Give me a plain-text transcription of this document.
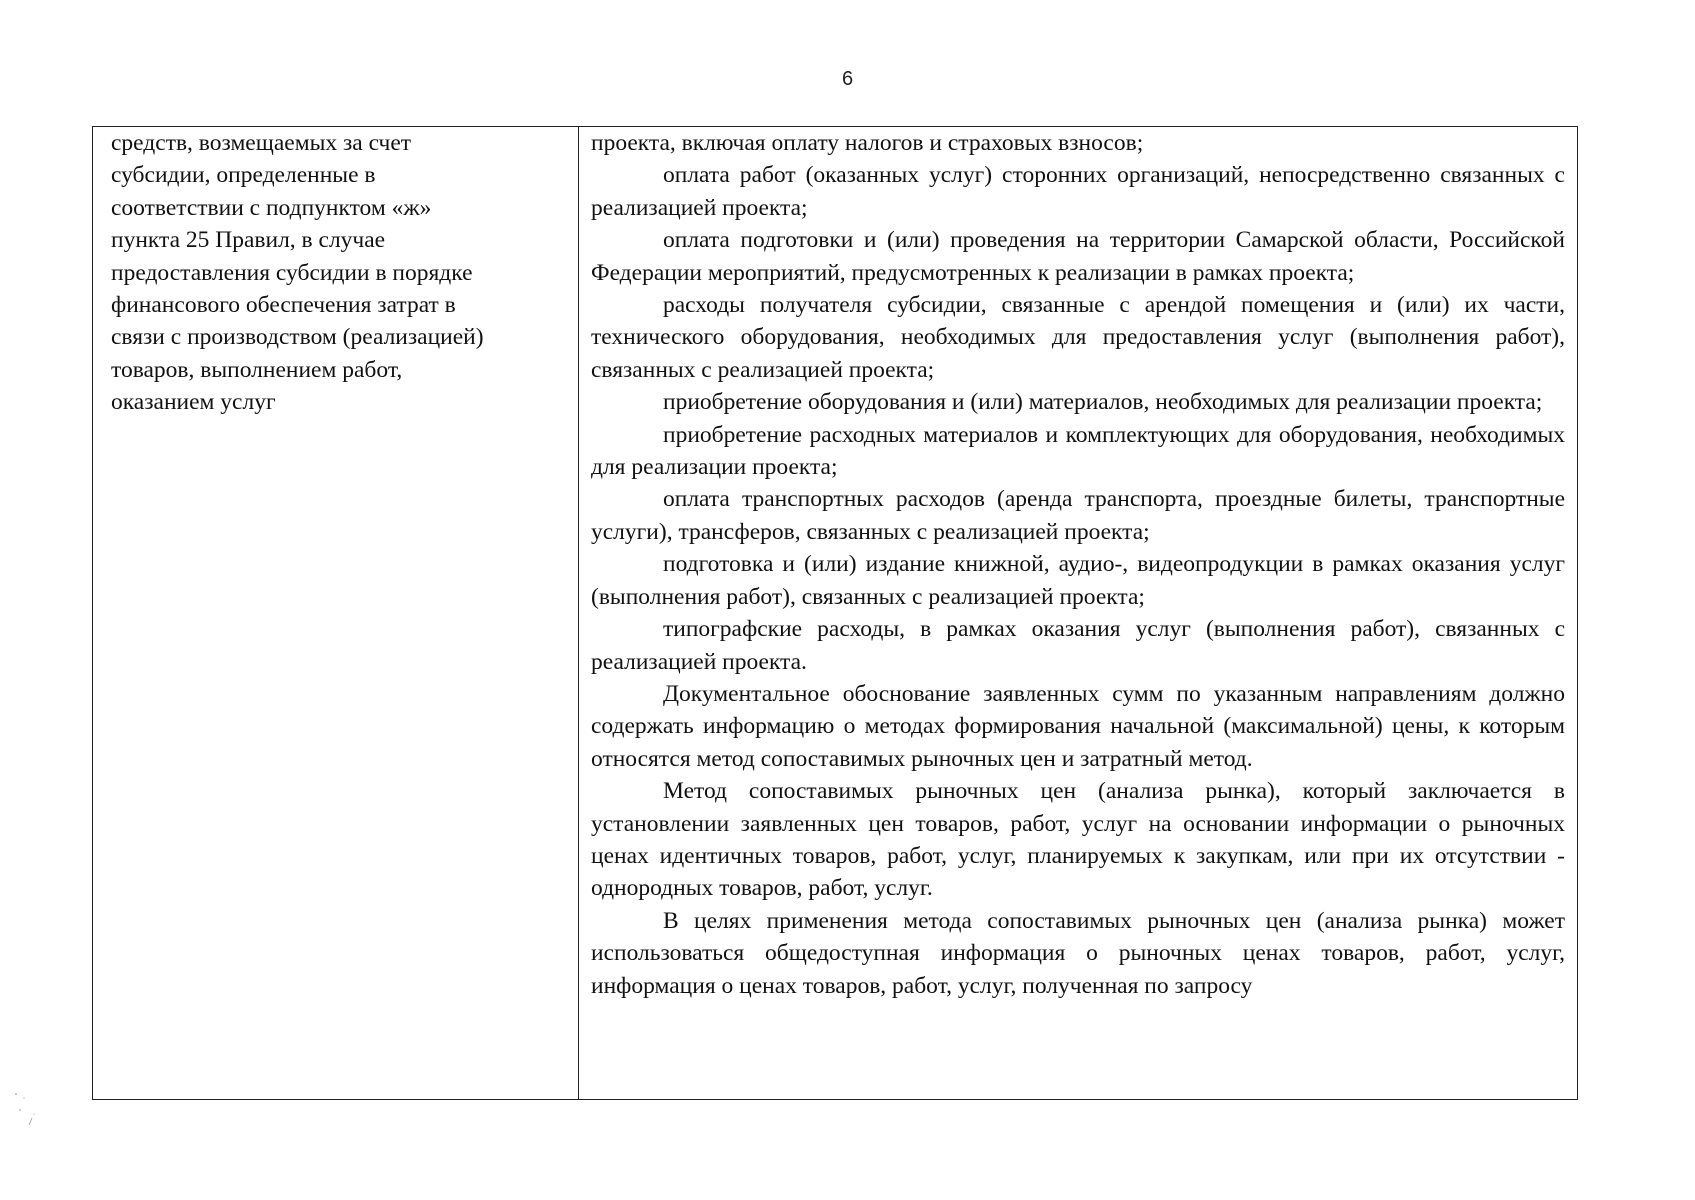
6

средств, возмещаемых за счет
субсидии, определенные в
соответствии с подпунктом «ж»
пункта 25 Правил, в случае
предоставления субсидии в порядке
финансового обеспечения затрат в
связи с производством (реализацией)
товаров, выполнением работ,
оказанием услуг

проекта, включая оплату налогов и страховых взносов;

оплата работ (оказанных услуг) сторонних организаций, непосредственно связанных с реализацией проекта;

оплата подготовки и (или) проведения на территории Самарской области, Российской Федерации мероприятий, предусмотренных к реализации в рамках проекта;

расходы получателя субсидии, связанные с арендой помещения и (или) их части, технического оборудования, необходимых для предоставления услуг (выполнения работ), связанных с реализацией проекта;

приобретение оборудования и (или) материалов, необходимых для реализации проекта;

приобретение расходных материалов и комплектующих для оборудования, необходимых для реализации проекта;

оплата транспортных расходов (аренда транспорта, проездные билеты, транспортные услуги), трансферов, связанных с реализацией проекта;

подготовка и (или) издание книжной, аудио-, видеопродукции в рамках оказания услуг (выполнения работ), связанных с реализацией проекта;

типографские расходы, в рамках оказания услуг (выполнения работ), связанных с реализацией проекта.

Документальное обоснование заявленных сумм по указанным направлениям должно содержать информацию о методах формирования начальной (максимальной) цены, к которым относятся метод сопоставимых рыночных цен и затратный метод.

Метод сопоставимых рыночных цен (анализа рынка), который заключается в установлении заявленных цен товаров, работ, услуг на основании информации о рыночных ценах идентичных товаров, работ, услуг, планируемых к закупкам, или при их отсутствии - однородных товаров, работ, услуг.

В целях применения метода сопоставимых рыночных цен (анализа рынка) может использоваться общедоступная информация о рыночных ценах товаров, работ, услуг, информация о ценах товаров, работ, услуг, полученная по запросу
